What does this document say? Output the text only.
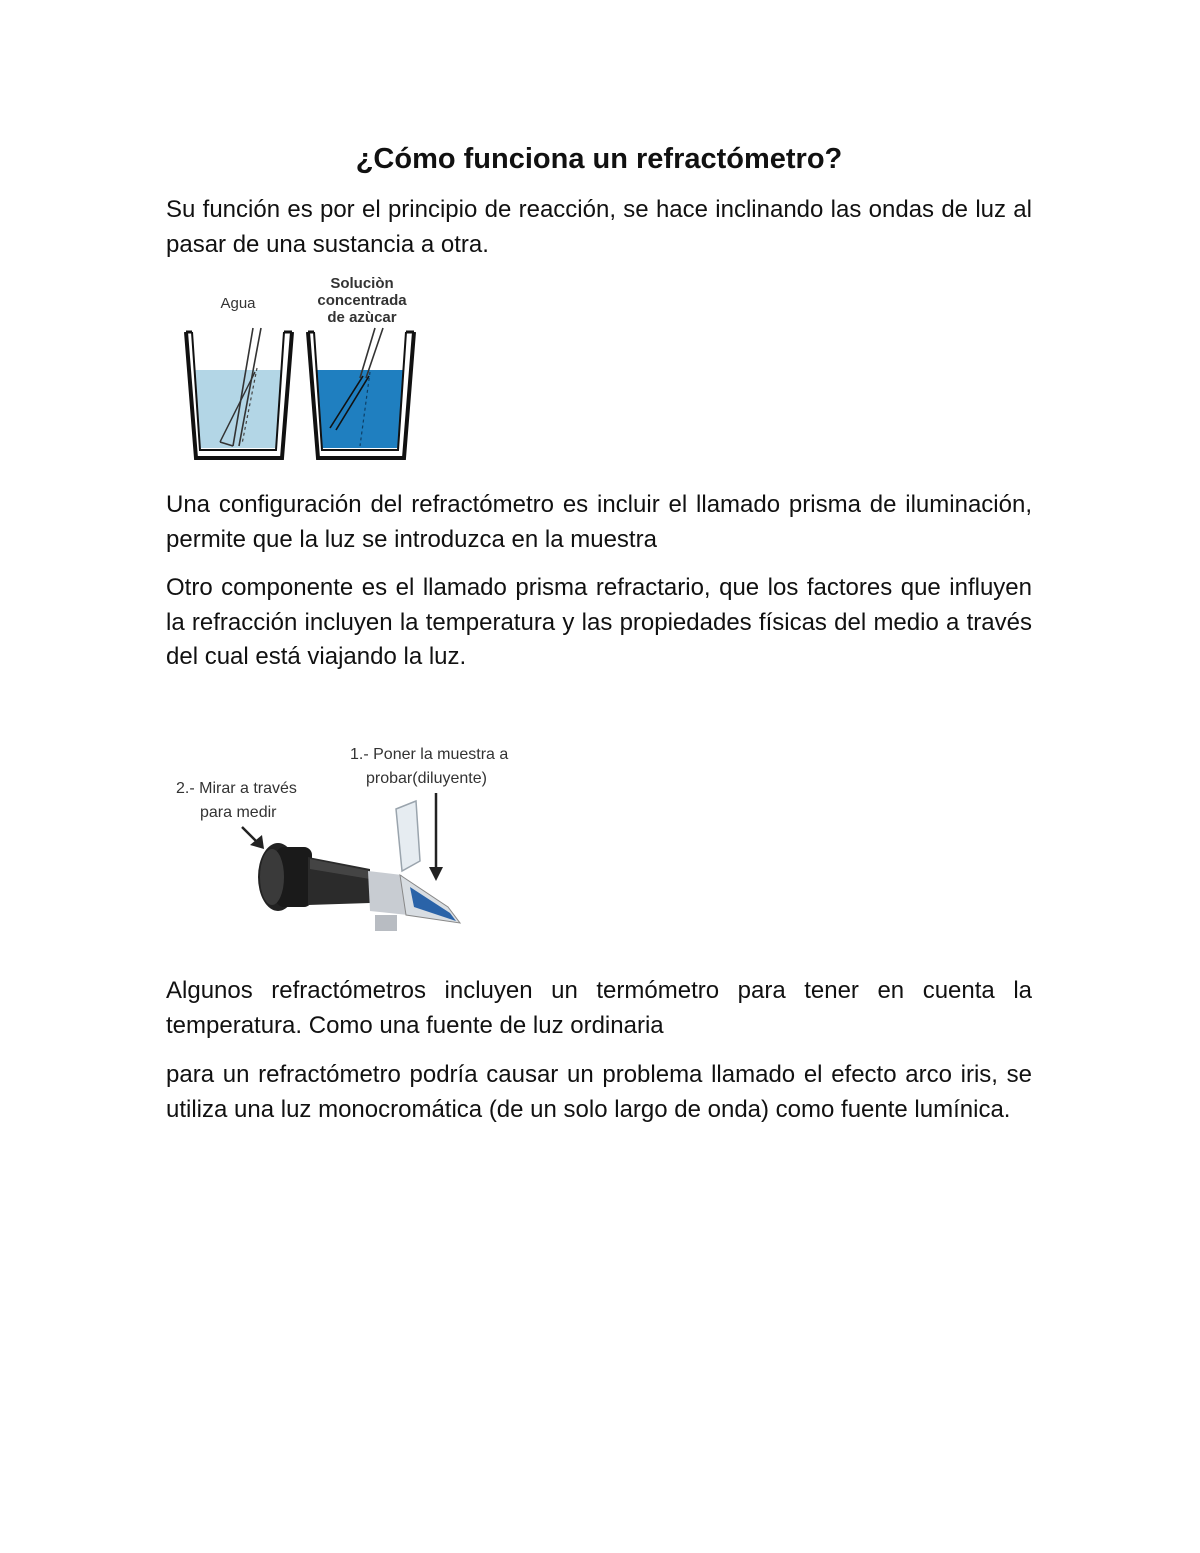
¿Cómo funciona un refractómetro?

Su función es por el principio de reacción, se hace inclinando las ondas de luz al pasar de una sustancia a otra.

Agua
Soluciòn
concentrada
de azùcar

Una configuración del refractómetro es incluir el llamado prisma de iluminación, permite que la luz se introduzca en la muestra

Otro componente es el llamado prisma refractario, que los factores que influyen la refracción incluyen la temperatura y las propiedades físicas del medio a través del cual está viajando la luz.

1.- Poner la muestra a
probar(diluyente)
2.- Mirar a través
para medir

Algunos refractómetros incluyen un termómetro para tener en cuenta la temperatura. Como una fuente de luz ordinaria

para un refractómetro podría causar un problema llamado el efecto arco iris, se utiliza una luz monocromática (de un solo largo de onda) como fuente lumínica.
